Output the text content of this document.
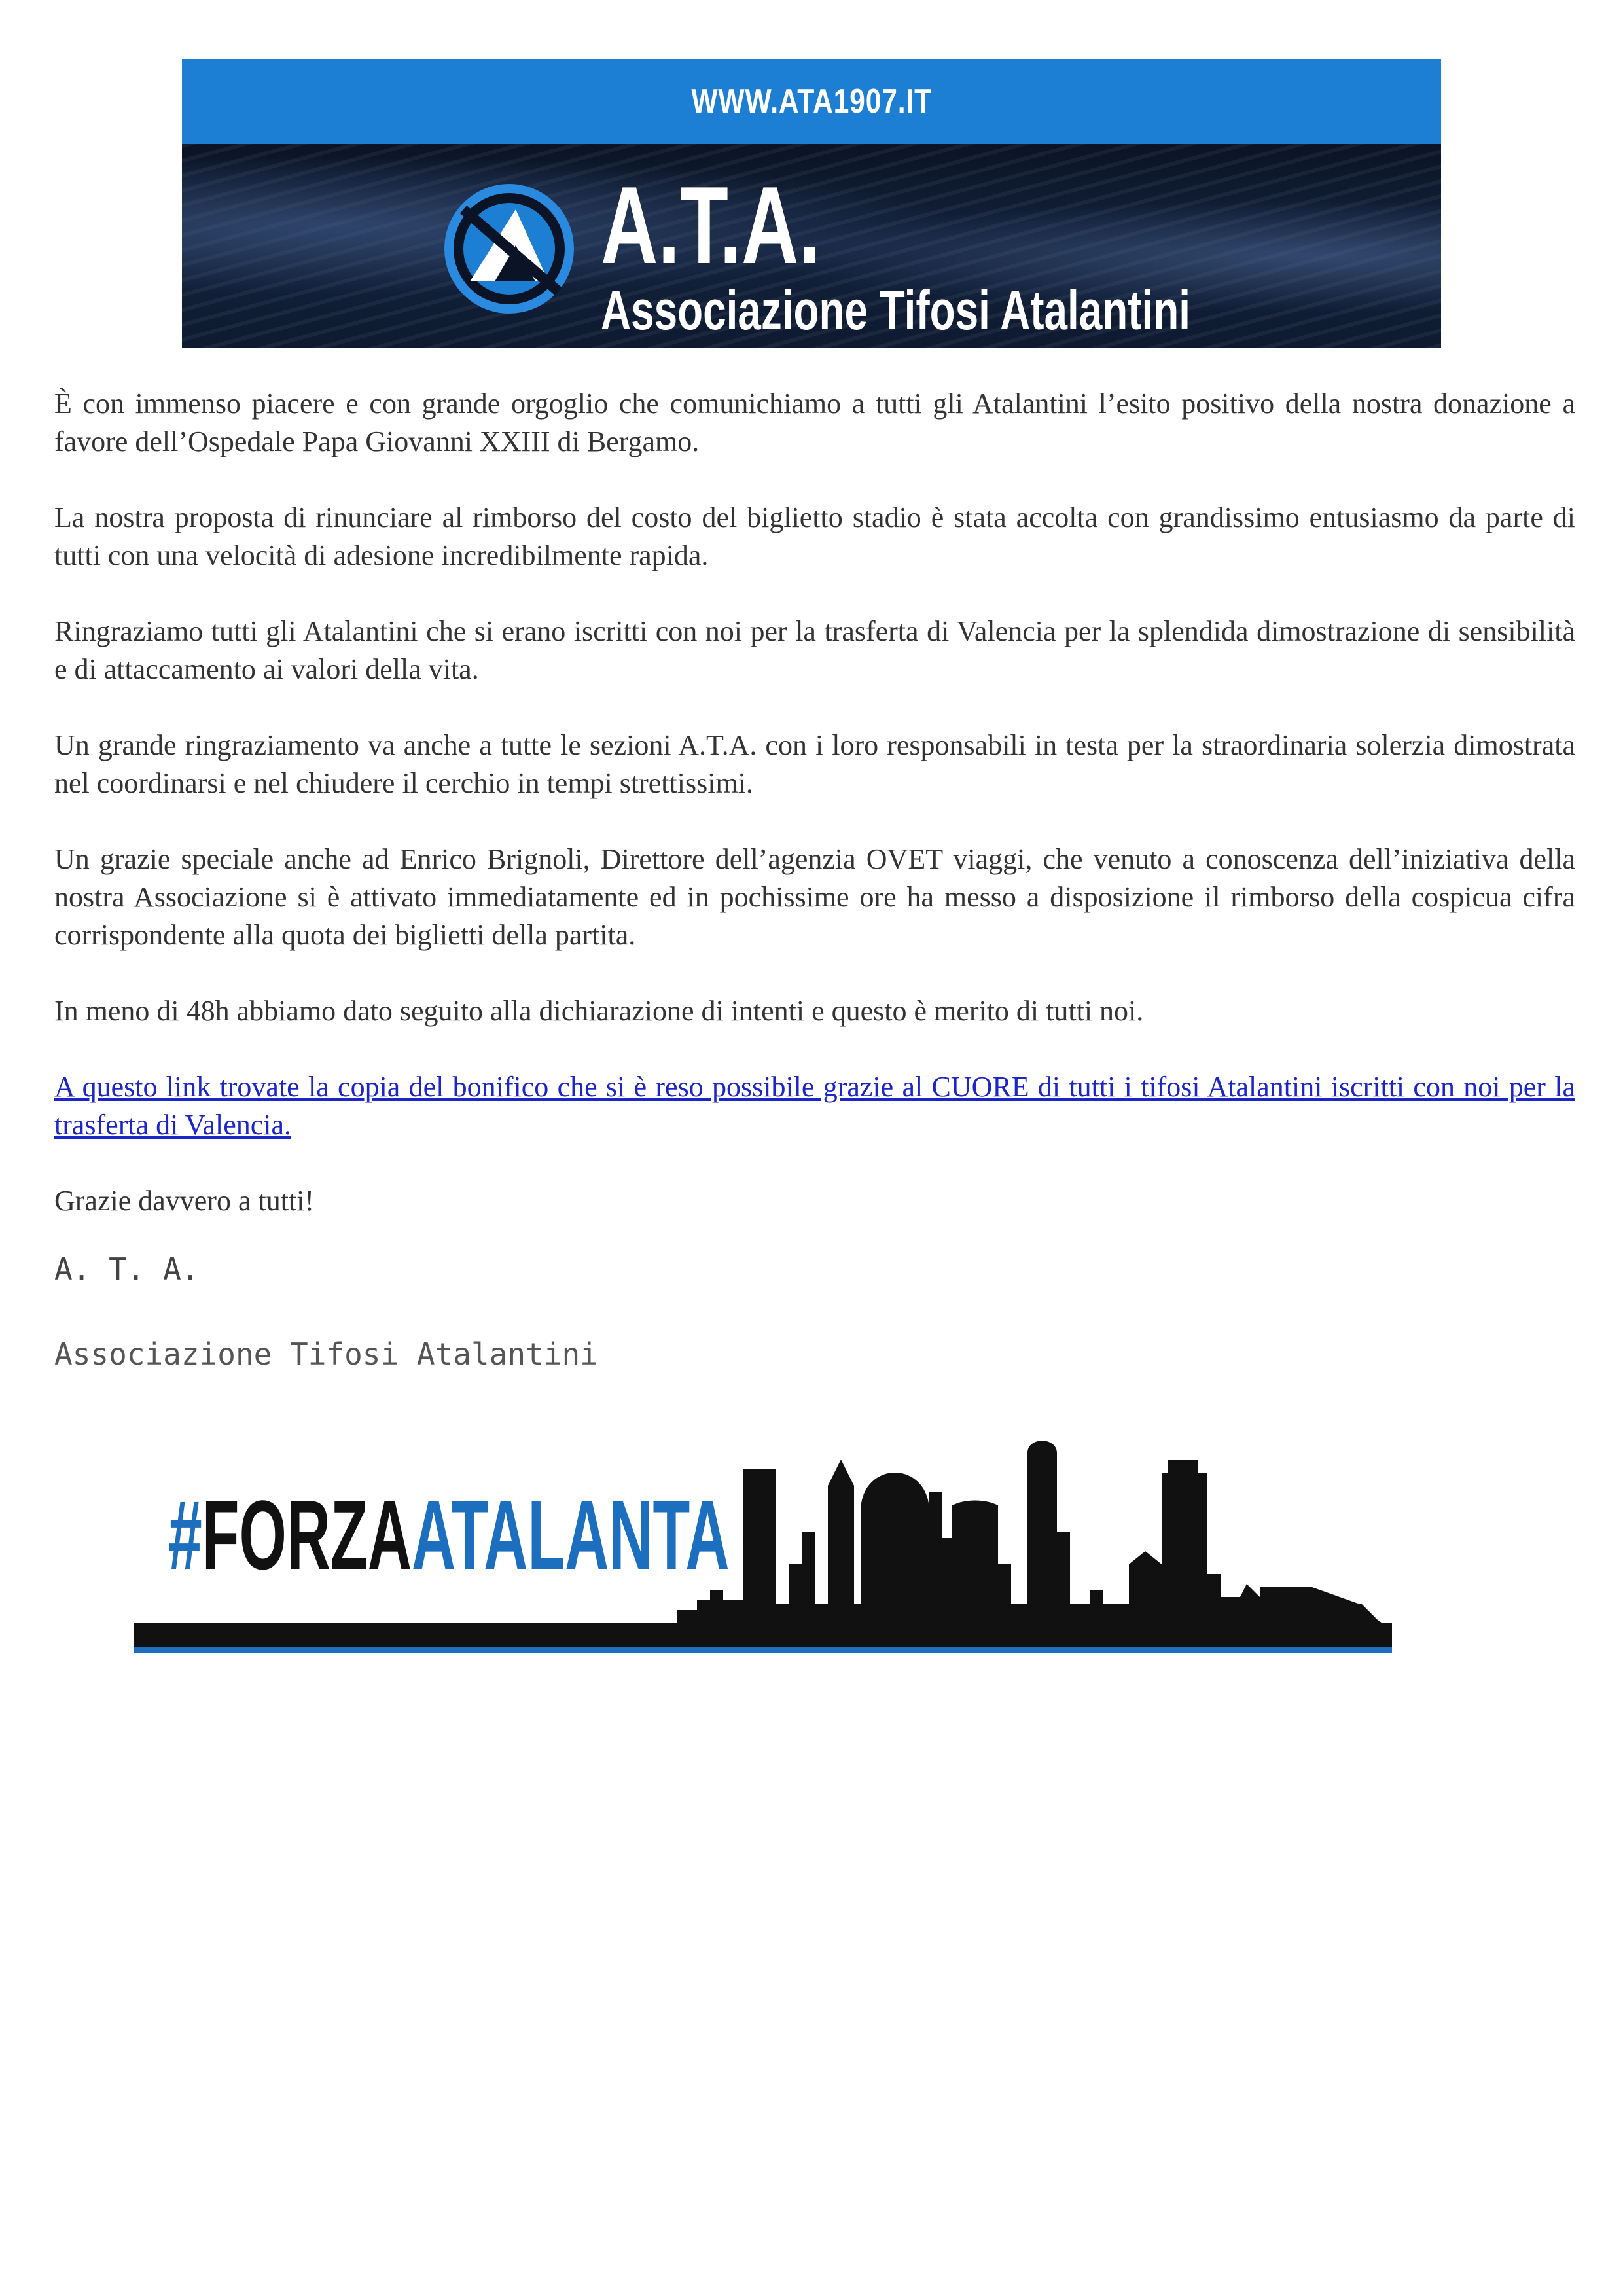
WWW.ATA1907.IT
A.T.A.
Associazione Tifosi Atalantini

È con immenso piacere e con grande orgoglio che comunichiamo a tutti gli Atalantini l’esito positivo della nostra donazione a favore dell’Ospedale Papa Giovanni XXIII di Bergamo.

La nostra proposta di rinunciare al rimborso del costo del biglietto stadio è stata accolta con grandissimo entusiasmo da parte di tutti con una velocità di adesione incredibilmente rapida.

Ringraziamo tutti gli Atalantini che si erano iscritti con noi per la trasferta di Valencia per la splendida dimostrazione di sensibilità e di attaccamento ai valori della vita.

Un grande ringraziamento va anche a tutte le sezioni A.T.A. con i loro responsabili in testa per la straordinaria solerzia dimostrata nel coordinarsi e nel chiudere il cerchio in tempi strettissimi.

Un grazie speciale anche ad Enrico Brignoli, Direttore dell’agenzia OVET viaggi, che venuto a conoscenza dell’iniziativa della nostra Associazione si è attivato immediatamente ed in pochissime ore ha messo a disposizione il rimborso della cospicua cifra corrispondente alla quota dei biglietti della partita.

In meno di 48h abbiamo dato seguito alla dichiarazione di intenti e questo è merito di tutti noi.

A questo link trovate la copia del bonifico che si è reso possibile grazie al CUORE di tutti i tifosi Atalantini iscritti con noi per la trasferta di Valencia.

Grazie davvero a tutti!

A. T. A.

Associazione Tifosi Atalantini

#FORZAATALANTA
